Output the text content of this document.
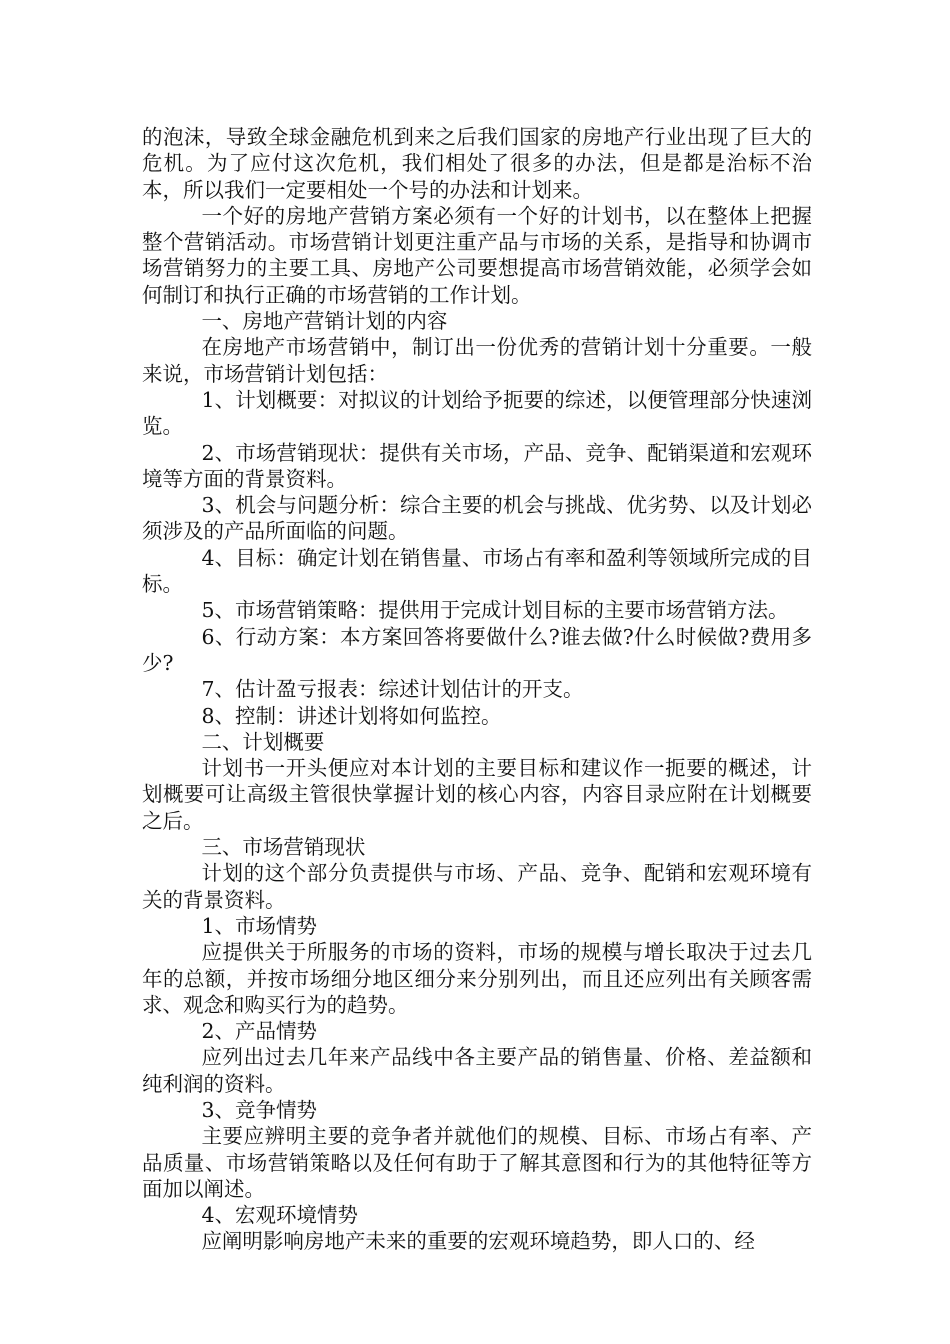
的泡沫，导致全球金融危机到来之后我们国家的房地产行业出现了巨大的危机。为了应付这次危机，我们相处了很多的办法，但是都是治标不治本，所以我们一定要相处一个号的办法和计划来。

一个好的房地产营销方案必须有一个好的计划书，以在整体上把握整个营销活动。市场营销计划更注重产品与市场的关系，是指导和协调市场营销努力的主要工具、房地产公司要想提高市场营销效能，必须学会如何制订和执行正确的市场营销的工作计划。

一、房地产营销计划的内容

在房地产市场营销中，制订出一份优秀的营销计划十分重要。一般来说，市场营销计划包括：

1、计划概要：对拟议的计划给予扼要的综述，以便管理部分快速浏览。

2、市场营销现状：提供有关市场，产品、竞争、配销渠道和宏观环境等方面的背景资料。

3、机会与问题分析：综合主要的机会与挑战、优劣势、以及计划必须涉及的产品所面临的问题。

4、目标：确定计划在销售量、市场占有率和盈利等领域所完成的目标。

5、市场营销策略：提供用于完成计划目标的主要市场营销方法。

6、行动方案：本方案回答将要做什么?谁去做?什么时候做?费用多少?

7、估计盈亏报表：综述计划估计的开支。

8、控制：讲述计划将如何监控。

二、计划概要

计划书一开头便应对本计划的主要目标和建议作一扼要的概述，计划概要可让高级主管很快掌握计划的核心内容，内容目录应附在计划概要之后。

三、市场营销现状

计划的这个部分负责提供与市场、产品、竞争、配销和宏观环境有关的背景资料。

1、市场情势

应提供关于所服务的市场的资料，市场的规模与增长取决于过去几年的总额，并按市场细分地区细分来分别列出，而且还应列出有关顾客需求、观念和购买行为的趋势。

2、产品情势

应列出过去几年来产品线中各主要产品的销售量、价格、差益额和纯利润的资料。

3、竞争情势

主要应辨明主要的竞争者并就他们的规模、目标、市场占有率、产品质量、市场营销策略以及任何有助于了解其意图和行为的其他特征等方面加以阐述。

4、宏观环境情势

应阐明影响房地产未来的重要的宏观环境趋势，即人口的、经
